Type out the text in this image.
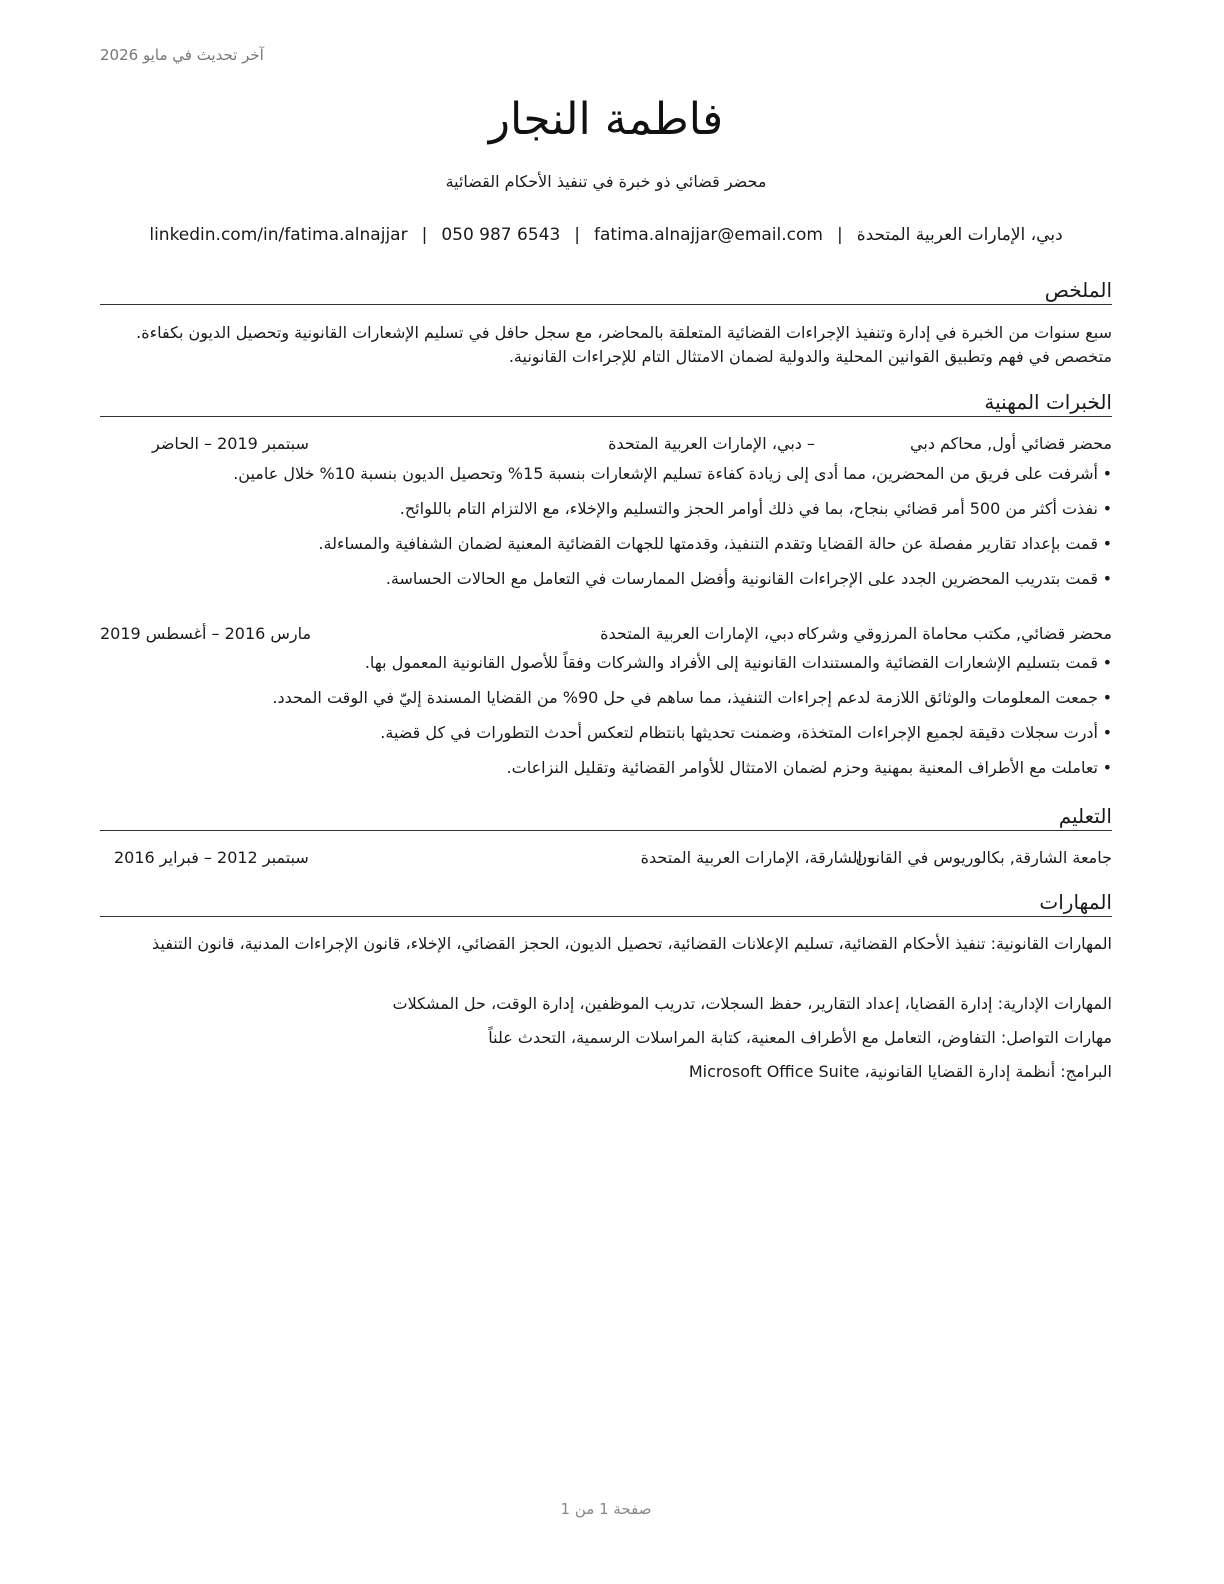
آخر تحديث في مايو 2026
فاطمة النجار
محضر قضائي ذو خبرة في تنفيذ الأحكام القضائية
دبي، الإمارات العربية المتحدة|fatima.alnajjar@email.com|050 987 6543|linkedin.com/in/fatima.alnajjar
الملخص
سبع سنوات من الخبرة في إدارة وتنفيذ الإجراءات القضائية المتعلقة بالمحاضر، مع سجل حافل في تسليم الإشعارات القانونية وتحصيل الديون بكفاءة. متخصص في فهم وتطبيق القوانين المحلية والدولية لضمان الامتثال التام للإجراءات القانونية.
الخبرات المهنية
محضر قضائي أول, محاكم دبي
– دبي، الإمارات العربية المتحدة
سبتمبر 2019 – الحاضر
• أشرفت على فريق من المحضرين، مما أدى إلى زيادة كفاءة تسليم الإشعارات بنسبة 15% وتحصيل الديون بنسبة 10% خلال عامين.
• نفذت أكثر من 500 أمر قضائي بنجاح، بما في ذلك أوامر الحجز والتسليم والإخلاء، مع الالتزام التام باللوائح.
• قمت بإعداد تقارير مفصلة عن حالة القضايا وتقدم التنفيذ، وقدمتها للجهات القضائية المعنية لضمان الشفافية والمساءلة.
• قمت بتدريب المحضرين الجدد على الإجراءات القانونية وأفضل الممارسات في التعامل مع الحالات الحساسة.
محضر قضائي, مكتب محاماة المرزوقي وشركاه
– دبي، الإمارات العربية المتحدة
مارس 2016 – أغسطس 2019
• قمت بتسليم الإشعارات القضائية والمستندات القانونية إلى الأفراد والشركات وفقاً للأصول القانونية المعمول بها.
• جمعت المعلومات والوثائق اللازمة لدعم إجراءات التنفيذ، مما ساهم في حل 90% من القضايا المسندة إليّ في الوقت المحدد.
• أدرت سجلات دقيقة لجميع الإجراءات المتخذة، وضمنت تحديثها بانتظام لتعكس أحدث التطورات في كل قضية.
• تعاملت مع الأطراف المعنية بمهنية وحزم لضمان الامتثال للأوامر القضائية وتقليل النزاعات.
التعليم
جامعة الشارقة, بكالوريوس في القانون
– الشارقة، الإمارات العربية المتحدة
سبتمبر 2012 – فبراير 2016
المهارات
المهارات القانونية: تنفيذ الأحكام القضائية، تسليم الإعلانات القضائية، تحصيل الديون، الحجز القضائي، الإخلاء، قانون الإجراءات المدنية، قانون التنفيذ
المهارات الإدارية: إدارة القضايا، إعداد التقارير، حفظ السجلات، تدريب الموظفين، إدارة الوقت، حل المشكلات
مهارات التواصل: التفاوض، التعامل مع الأطراف المعنية، كتابة المراسلات الرسمية، التحدث علناً
البرامج: أنظمة إدارة القضايا القانونية، Microsoft Office Suite
صفحة 1 من 1
